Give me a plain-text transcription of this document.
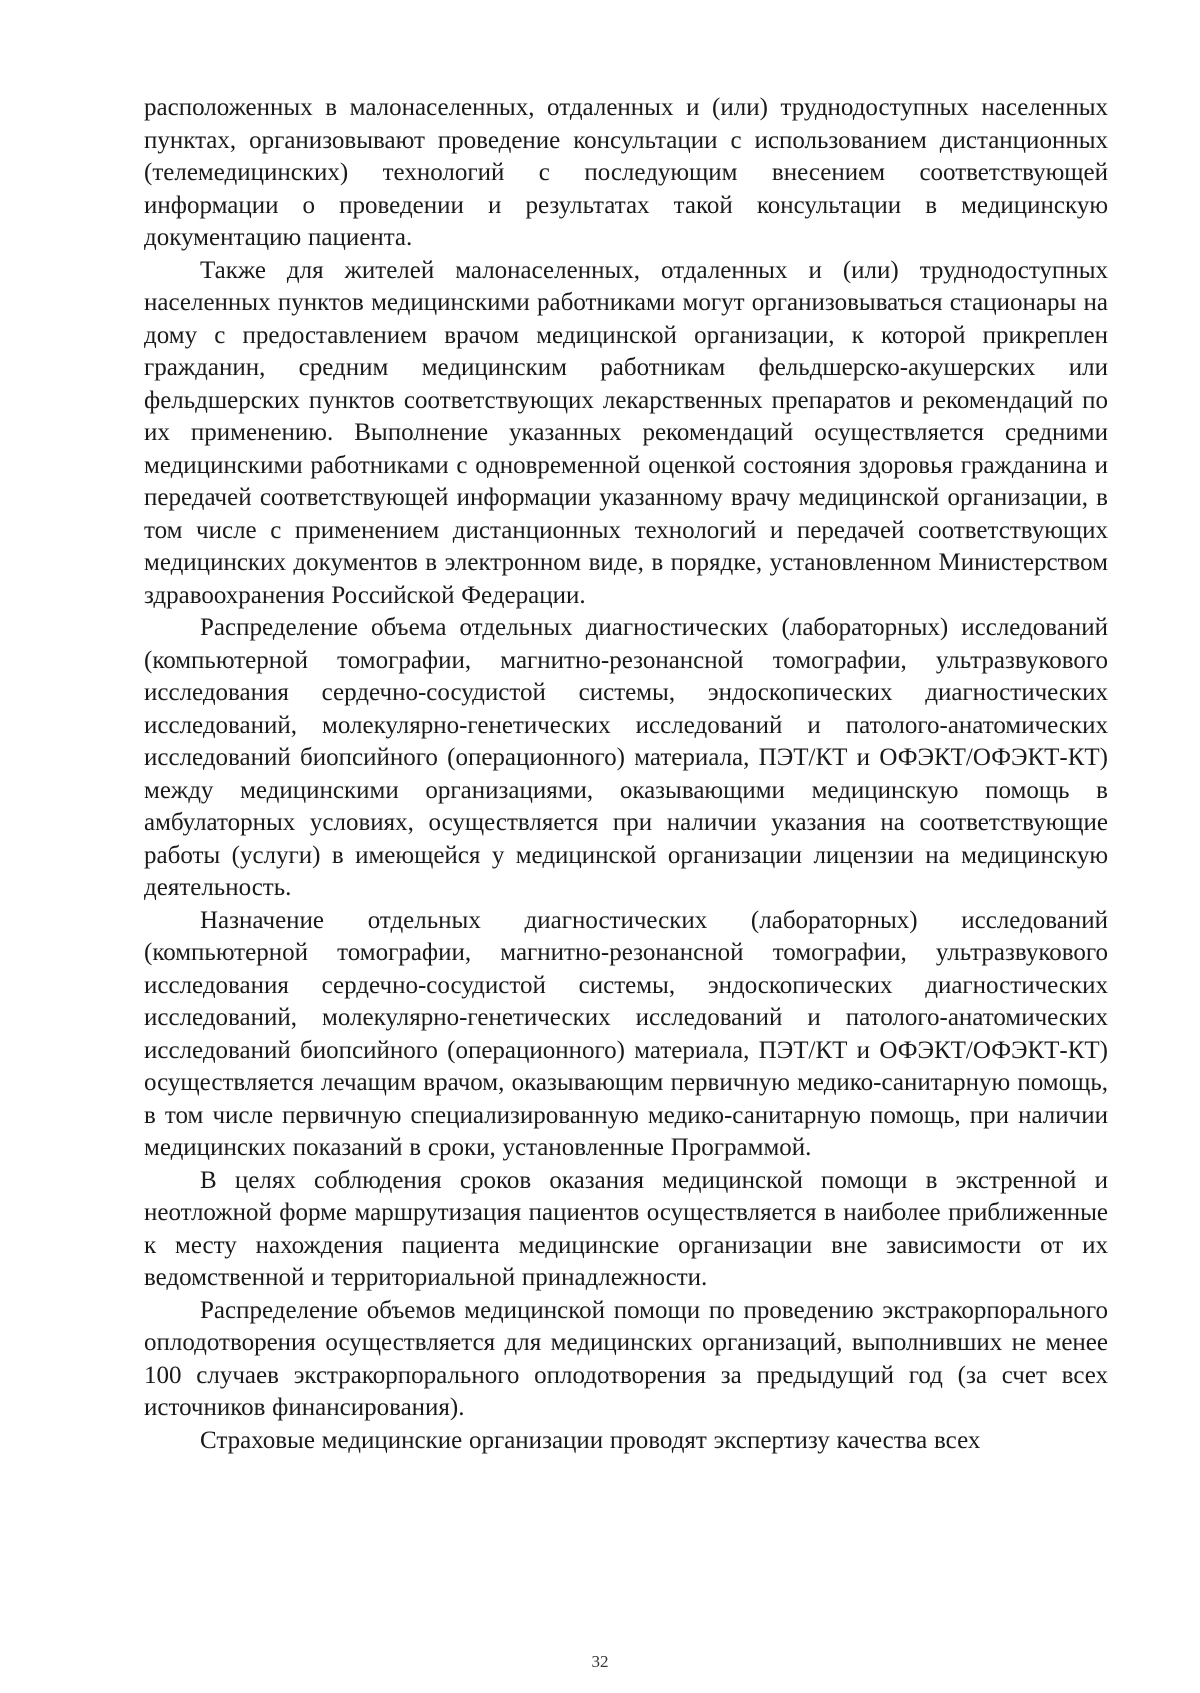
расположенных в малонаселенных, отдаленных и (или) труднодоступных населенных пунктах, организовывают проведение консультации с использованием дистанционных (телемедицинских) технологий с последующим внесением соответствующей информации о проведении и результатах такой консультации в медицинскую документацию пациента.

Также для жителей малонаселенных, отдаленных и (или) труднодоступных населенных пунктов медицинскими работниками могут организовываться стационары на дому с предоставлением врачом медицинской организации, к которой прикреплен гражданин, средним медицинским работникам фельдшерско-акушерских или фельдшерских пунктов соответствующих лекарственных препаратов и рекомендаций по их применению. Выполнение указанных рекомендаций осуществляется средними медицинскими работниками с одновременной оценкой состояния здоровья гражданина и передачей соответствующей информации указанному врачу медицинской организации, в том числе с применением дистанционных технологий и передачей соответствующих медицинских документов в электронном виде, в порядке, установленном Министерством здравоохранения Российской Федерации.

Распределение объема отдельных диагностических (лабораторных) исследований (компьютерной томографии, магнитно-резонансной томографии, ультразвукового исследования сердечно-сосудистой системы, эндоскопических диагностических исследований, молекулярно-генетических исследований и патолого-анатомических исследований биопсийного (операционного) материала, ПЭТ/КТ и ОФЭКТ/ОФЭКТ-КТ) между медицинскими организациями, оказывающими медицинскую помощь в амбулаторных условиях, осуществляется при наличии указания на соответствующие работы (услуги) в имеющейся у медицинской организации лицензии на медицинскую деятельность.

Назначение отдельных диагностических (лабораторных) исследований (компьютерной томографии, магнитно-резонансной томографии, ультразвукового исследования сердечно-сосудистой системы, эндоскопических диагностических исследований, молекулярно-генетических исследований и патолого-анатомических исследований биопсийного (операционного) материала, ПЭТ/КТ и ОФЭКТ/ОФЭКТ-КТ) осуществляется лечащим врачом, оказывающим первичную медико-санитарную помощь, в том числе первичную специализированную медико-санитарную помощь, при наличии медицинских показаний в сроки, установленные Программой.

В целях соблюдения сроков оказания медицинской помощи в экстренной и неотложной форме маршрутизация пациентов осуществляется в наиболее приближенные к месту нахождения пациента медицинские организации вне зависимости от их ведомственной и территориальной принадлежности.

Распределение объемов медицинской помощи по проведению экстракорпорального оплодотворения осуществляется для медицинских организаций, выполнивших не менее 100 случаев экстракорпорального оплодотворения за предыдущий год (за счет всех источников финансирования).

Страховые медицинские организации проводят экспертизу качества всех

32
